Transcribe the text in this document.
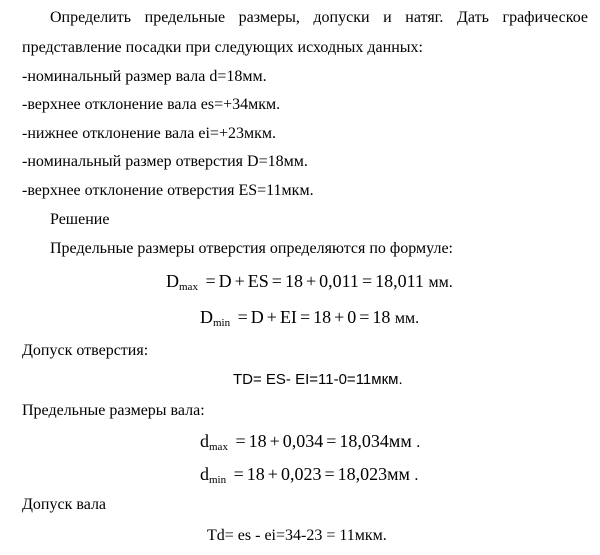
Определить предельные размеры, допуски и натяг. Дать графическое
представление посадки при следующих исходных данных:
-номинальный размер вала d=18мм.
-верхнее отклонение вала es=+34мкм.
-нижнее отклонение вала ei=+23мкм.
-номинальный размер отверстия D=18мм.
-верхнее отклонение отверстия ES=11мкм.
Решение
Предельные размеры отверстия определяются по формуле:
$D_{max} = D$ + ES = 18 + 0,011 = 18,011 мм.
$D_{min} = D$ + EI = 18 + 0 = 18 мм.
Допуск отверстия:
TD= ES- EI=11-0=11мкм.
Предельные размеры вала:
$d_{max} = 18 + 0,034 = 18,034мм$ .
$d_{min} = 18 + 0,023 = 18,023мм$ .
Допуск вала
Td= es - ei=34-23 = 11мкм.
